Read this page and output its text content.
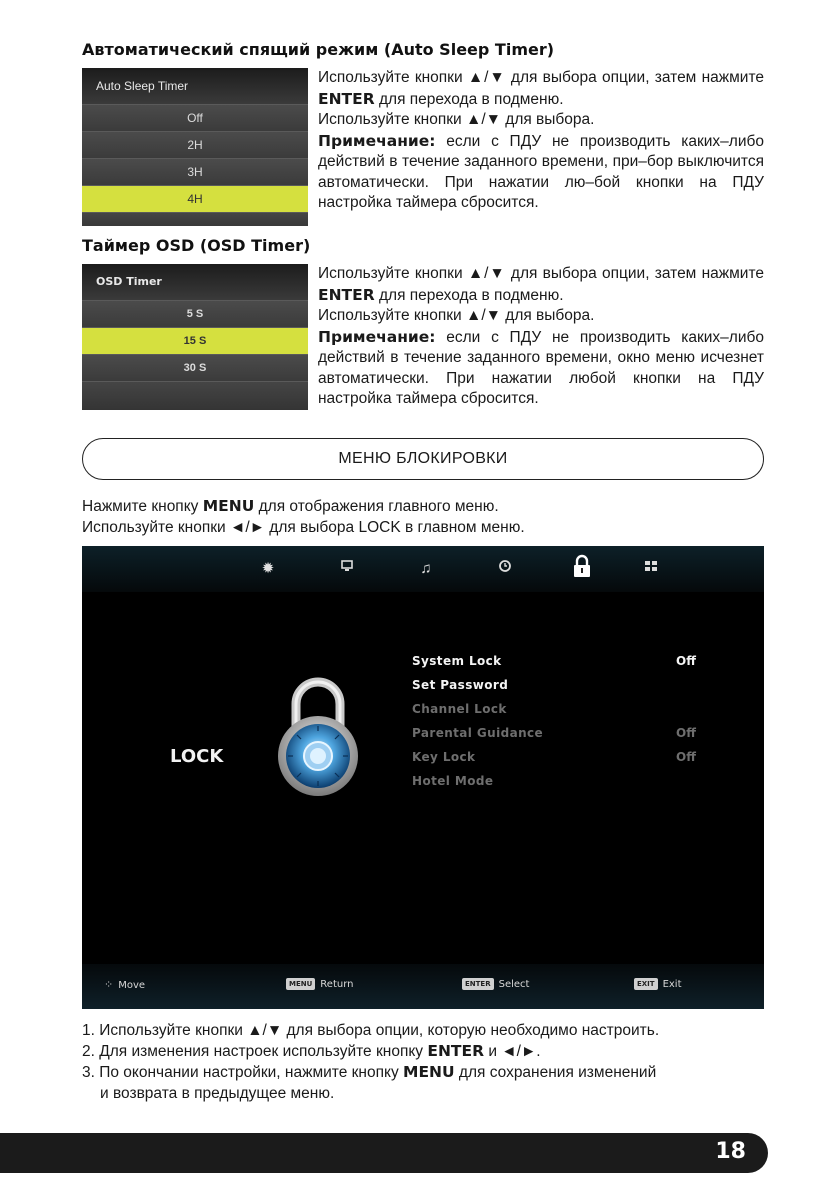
Автоматический спящий режим (Auto Sleep Timer)
Auto Sleep Timer
Off
2H
3H
4H

Используйте кнопки ▲/▼ для выбора опции, затем нажмите ENTER для перехода в подменю.

Используйте кнопки ▲/▼ для выбора.

Примечание: если с ПДУ не производить каких–либо действий в течение заданного времени, при–бор выключится автоматически. При нажатии лю–бой кнопки на ПДУ настройка таймера сбросится.

Таймер OSD (OSD Timer)
OSD Timer
5 S
15 S
30 S

Используйте кнопки ▲/▼ для выбора опции, затем нажмите ENTER для перехода в подменю.

Используйте кнопки ▲/▼ для выбора.

Примечание: если с ПДУ не производить каких–либо действий в течение заданного времени, окно меню исчезнет автоматически. При нажатии любой кнопки на ПДУ настройка таймера сбросится.

МЕНЮ БЛОКИРОВКИ
Нажмите кнопку MENU для отображения главного меню.
Используйте кнопки ◄/► для выбора LOCK в главном меню.
✹	♫
LOCK
System Lock	Off
Set Password
Channel Lock
Parental Guidance	Off
Key Lock	Off
Hotel Mode
⁘ Move	MENU Return	ENTER Select	EXIT Exit
1. Используйте кнопки ▲/▼ для выбора опции, которую необходимо настроить.
2. Для изменения настроек используйте кнопку ENTER и ◄/►.
3. По окончании настройки, нажмите кнопку MENU для сохранения изменений
и возврата в предыдущее меню.
18
